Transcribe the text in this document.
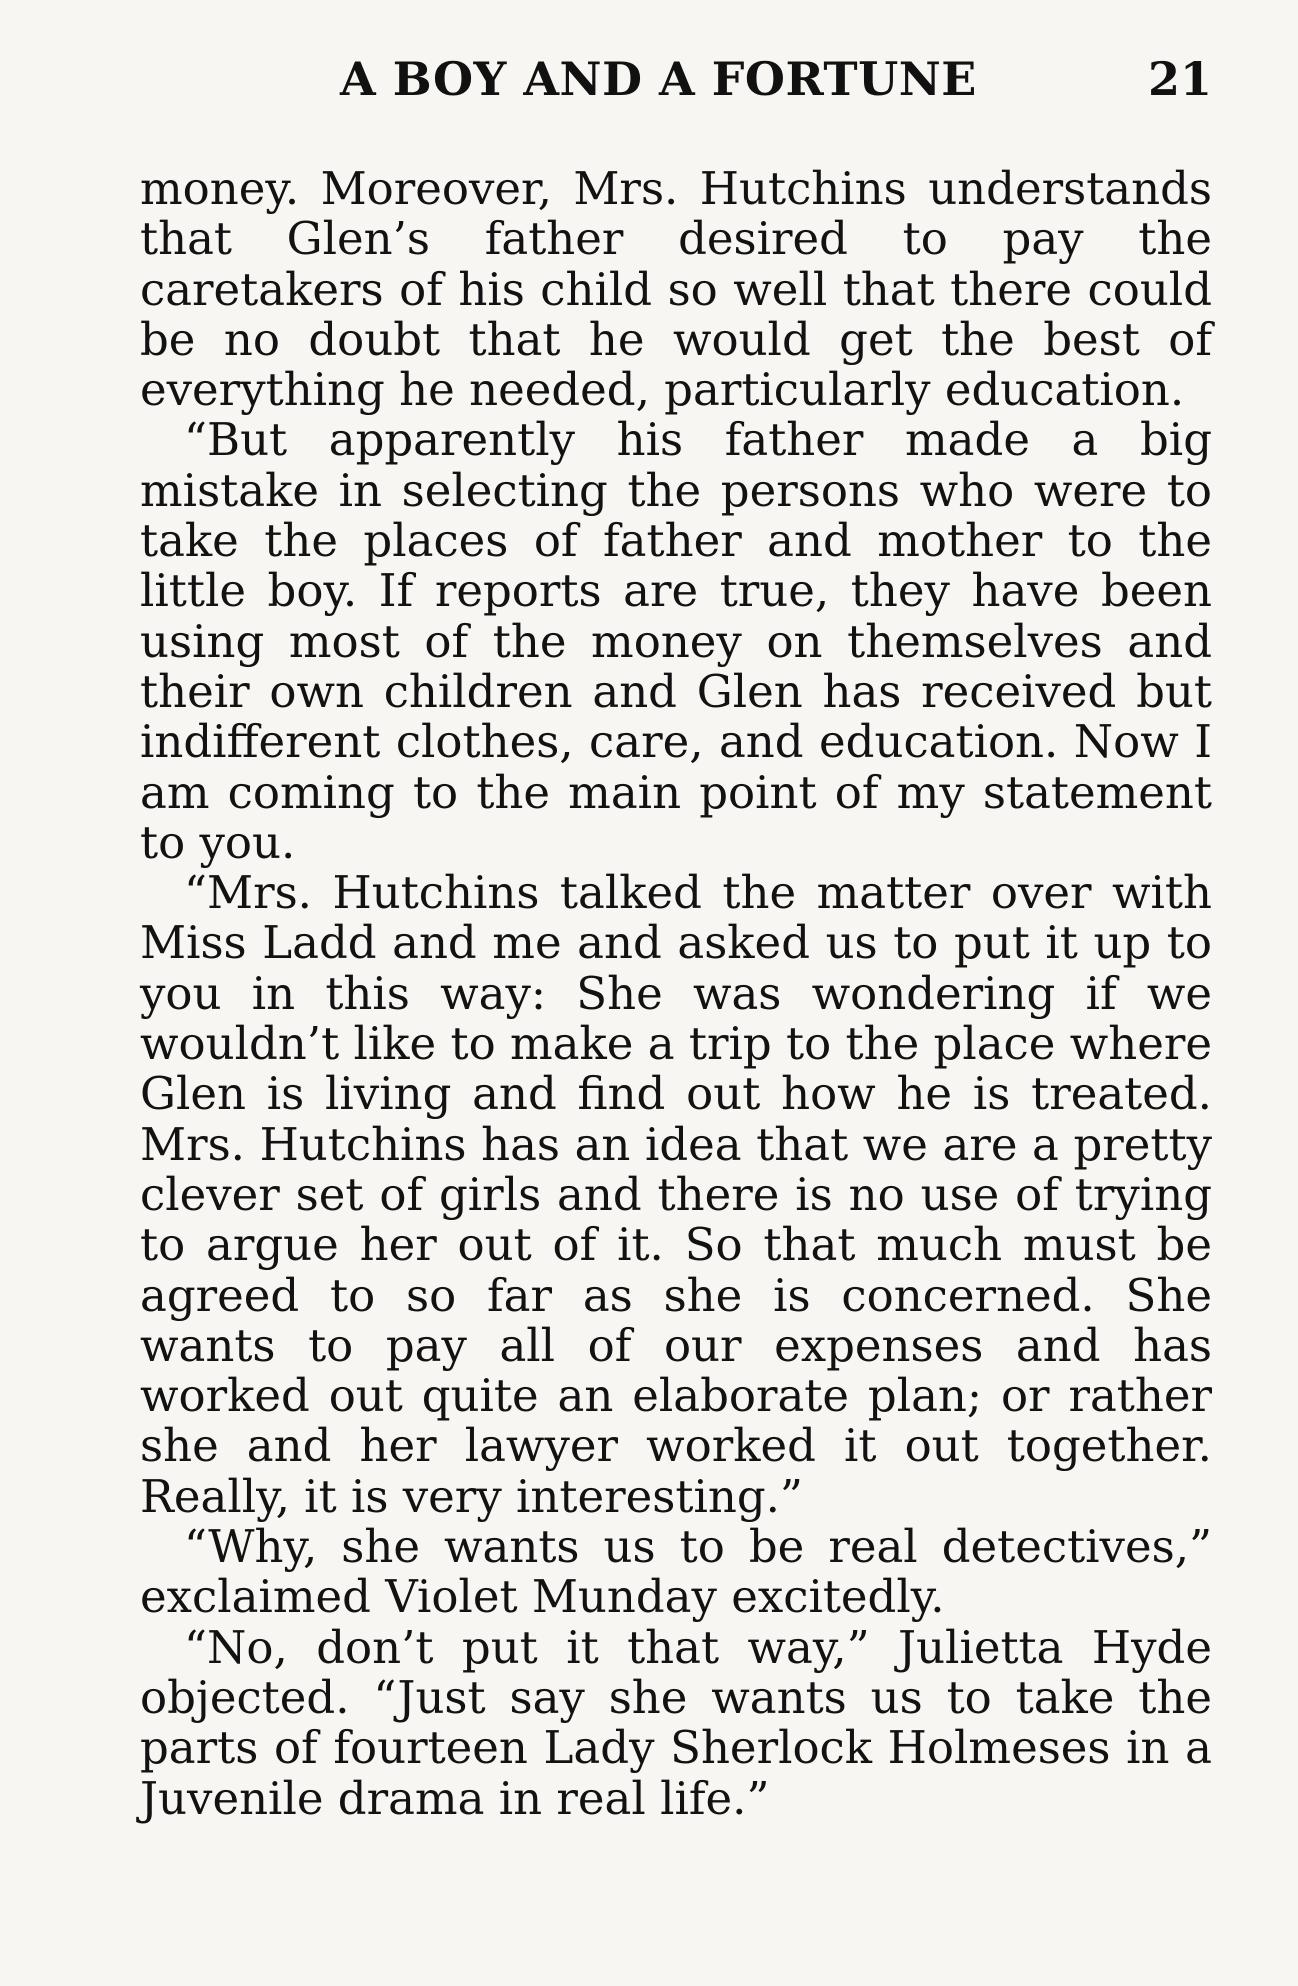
A BOY AND A FORTUNE	21

money. Moreover, Mrs. Hutchins understands that Glen’s father desired to pay the caretakers of his child so well that there could be no doubt that he would get the best of everything he needed, particularly education.

“But apparently his father made a big mistake in selecting the persons who were to take the places of father and mother to the little boy. If reports are true, they have been using most of the money on themselves and their own children and Glen has received but indifferent clothes, care, and education. Now I am coming to the main point of my statement to you.

“Mrs. Hutchins talked the matter over with Miss Ladd and me and asked us to put it up to you in this way: She was wondering if we wouldn’t like to make a trip to the place where Glen is living and find out how he is treated. Mrs. Hutchins has an idea that we are a pretty clever set of girls and there is no use of trying to argue her out of it. So that much must be agreed to so far as she is concerned. She wants to pay all of our expenses and has worked out quite an elaborate plan; or rather she and her lawyer worked it out together. Really, it is very interesting.”

“Why, she wants us to be real detectives,” exclaimed Violet Munday excitedly.

“No, don’t put it that way,” Julietta Hyde objected. “Just say she wants us to take the parts of fourteen Lady Sherlock Holmeses in a Juvenile drama in real life.”
